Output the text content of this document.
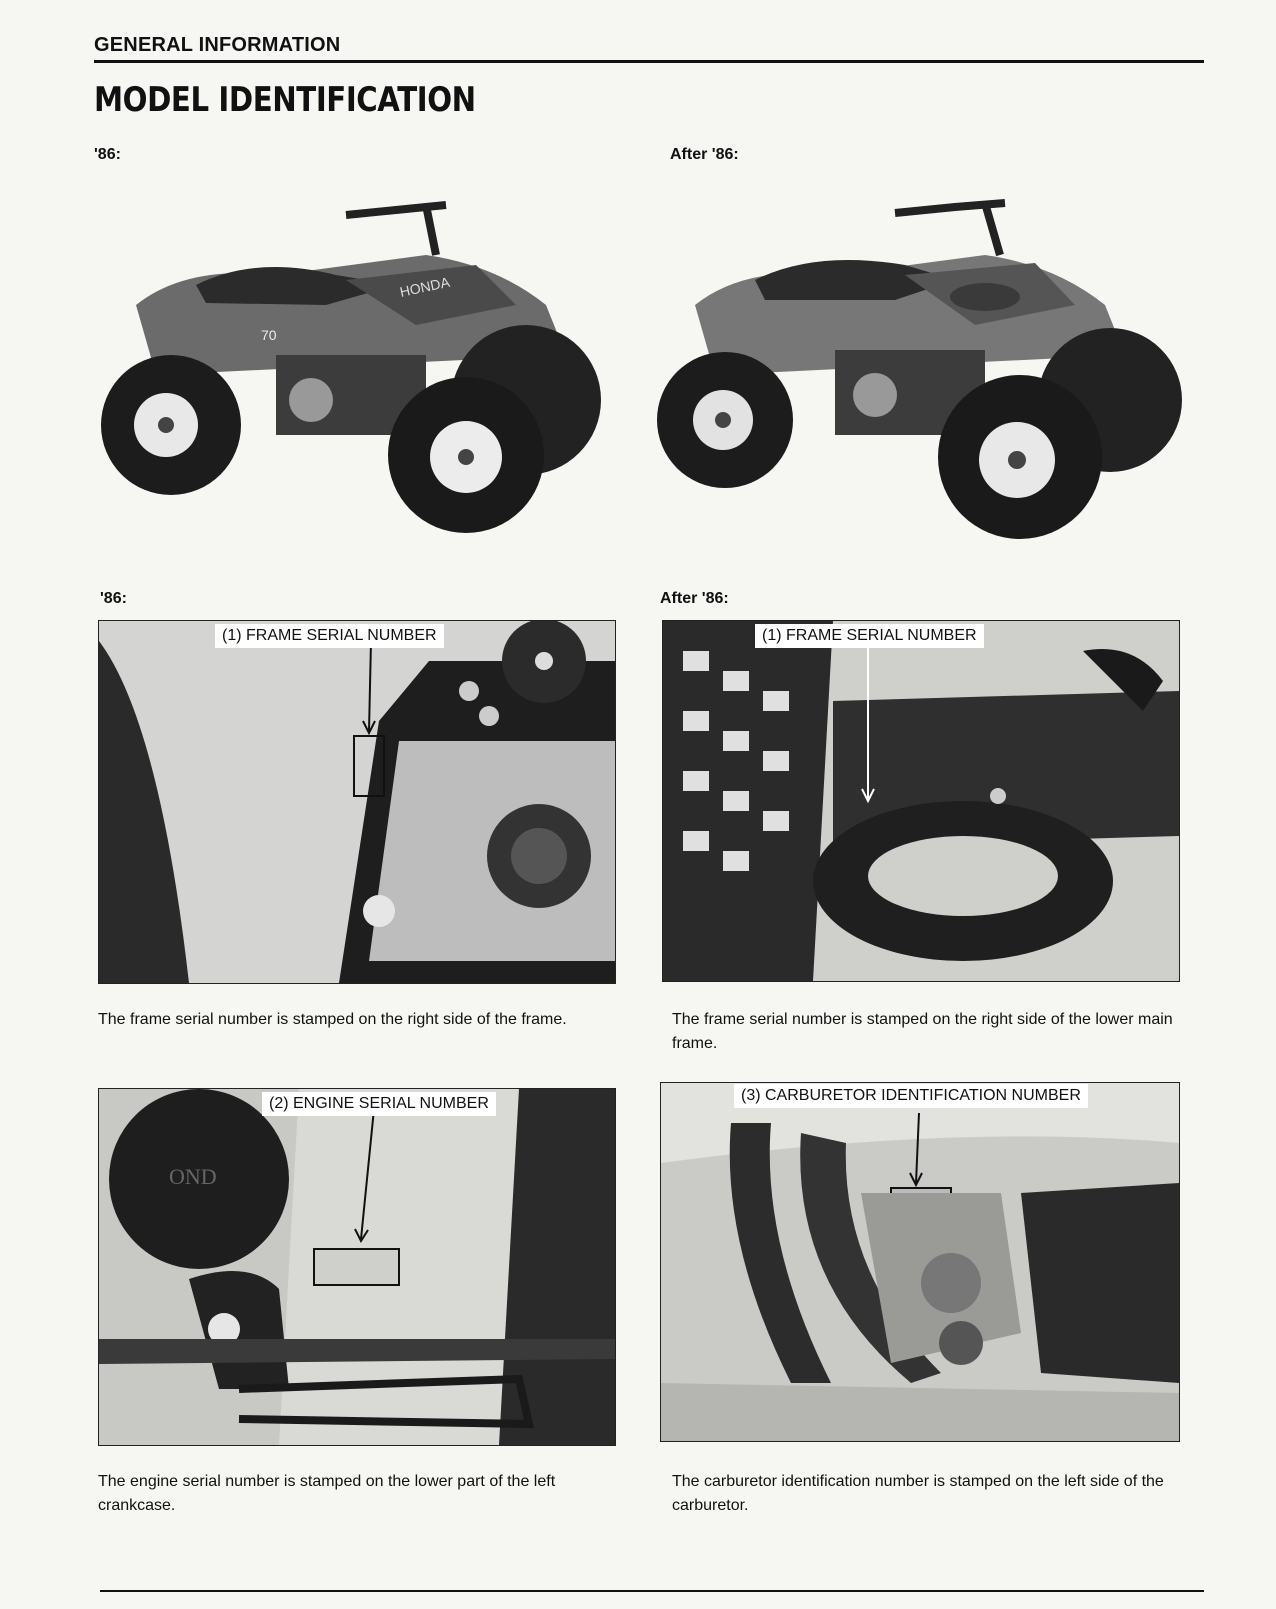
GENERAL INFORMATION
MODEL IDENTIFICATION
'86:	After '86:
HONDA
70
'86:	After '86:
(1) FRAME SERIAL NUMBER	(1) FRAME SERIAL NUMBER
The frame serial number is stamped on the right side of the frame.	The frame serial number is stamped on the right side of the lower main frame.
OND
(2) ENGINE SERIAL NUMBER	(3) CARBURETOR IDENTIFICATION NUMBER
The engine serial number is stamped on the lower part of the left crankcase.
The carburetor identification number is stamped on the left side of the carburetor.
